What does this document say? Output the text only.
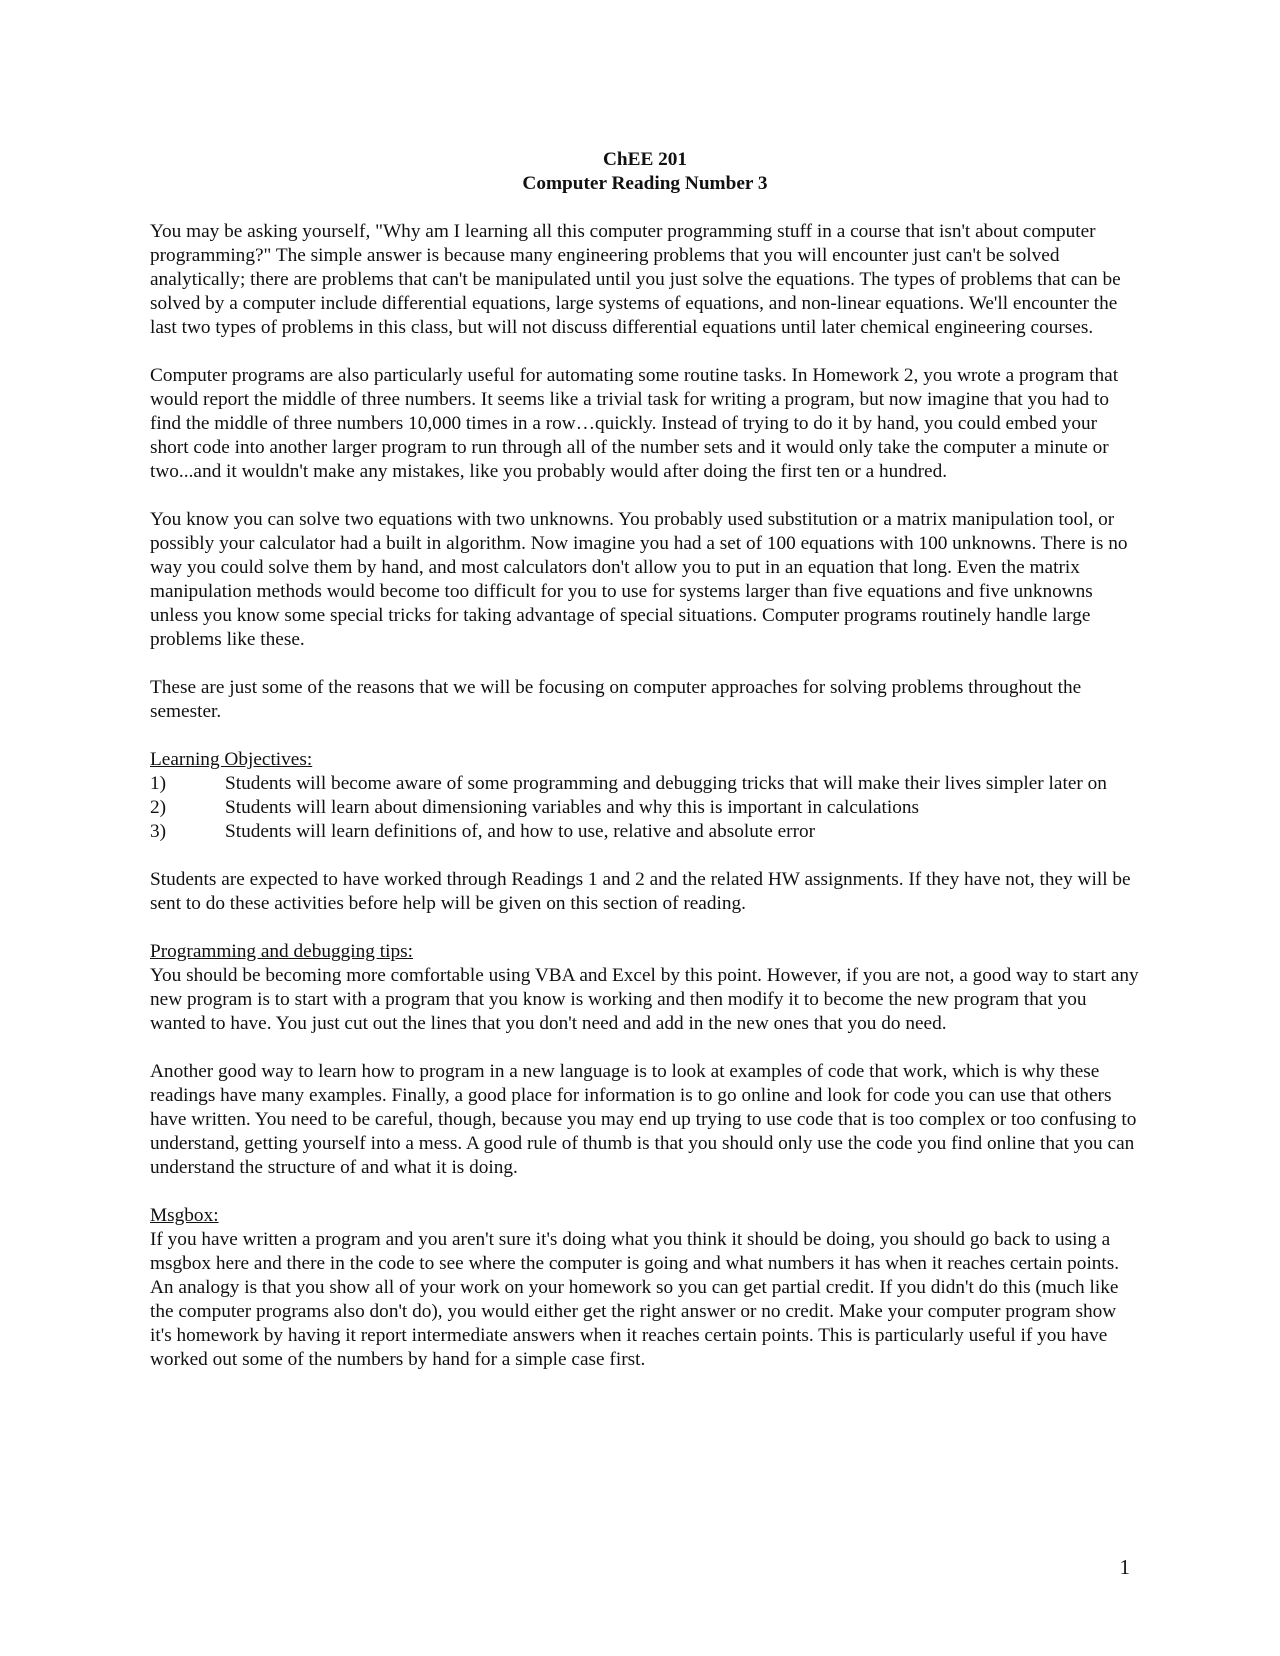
ChEE 201
Computer Reading Number 3

You may be asking yourself, "Why am I learning all this computer programming stuff in a course that isn't about computer programming?" The simple answer is because many engineering problems that you will encounter just can't be solved analytically; there are problems that can't be manipulated until you just solve the equations. The types of problems that can be solved by a computer include differential equations, large systems of equations, and non-linear equations. We'll encounter the last two types of problems in this class, but will not discuss differential equations until later chemical engineering courses.

Computer programs are also particularly useful for automating some routine tasks. In Homework 2, you wrote a program that would report the middle of three numbers. It seems like a trivial task for writing a program, but now imagine that you had to find the middle of three numbers 10,000 times in a row…quickly. Instead of trying to do it by hand, you could embed your short code into another larger program to run through all of the number sets and it would only take the computer a minute or two...and it wouldn't make any mistakes, like you probably would after doing the first ten or a hundred.

You know you can solve two equations with two unknowns. You probably used substitution or a matrix manipulation tool, or possibly your calculator had a built in algorithm. Now imagine you had a set of 100 equations with 100 unknowns. There is no way you could solve them by hand, and most calculators don't allow you to put in an equation that long. Even the matrix manipulation methods would become too difficult for you to use for systems larger than five equations and five unknowns unless you know some special tricks for taking advantage of special situations. Computer programs routinely handle large problems like these.

These are just some of the reasons that we will be focusing on computer approaches for solving problems throughout the semester.

Learning Objectives:
1)	Students will become aware of some programming and debugging tricks that will make their lives simpler later on
2)	Students will learn about dimensioning variables and why this is important in calculations
3)	Students will learn definitions of, and how to use, relative and absolute error

Students are expected to have worked through Readings 1 and 2 and the related HW assignments. If they have not, they will be sent to do these activities before help will be given on this section of reading.

Programming and debugging tips:

You should be becoming more comfortable using VBA and Excel by this point. However, if you are not, a good way to start any new program is to start with a program that you know is working and then modify it to become the new program that you wanted to have. You just cut out the lines that you don't need and add in the new ones that you do need.

Another good way to learn how to program in a new language is to look at examples of code that work, which is why these readings have many examples. Finally, a good place for information is to go online and look for code you can use that others have written. You need to be careful, though, because you may end up trying to use code that is too complex or too confusing to understand, getting yourself into a mess. A good rule of thumb is that you should only use the code you find online that you can understand the structure of and what it is doing.

Msgbox:

If you have written a program and you aren't sure it's doing what you think it should be doing, you should go back to using a msgbox here and there in the code to see where the computer is going and what numbers it has when it reaches certain points. An analogy is that you show all of your work on your homework so you can get partial credit. If you didn't do this (much like the computer programs also don't do), you would either get the right answer or no credit. Make your computer program show it's homework by having it report intermediate answers when it reaches certain points. This is particularly useful if you have worked out some of the numbers by hand for a simple case first.

1
